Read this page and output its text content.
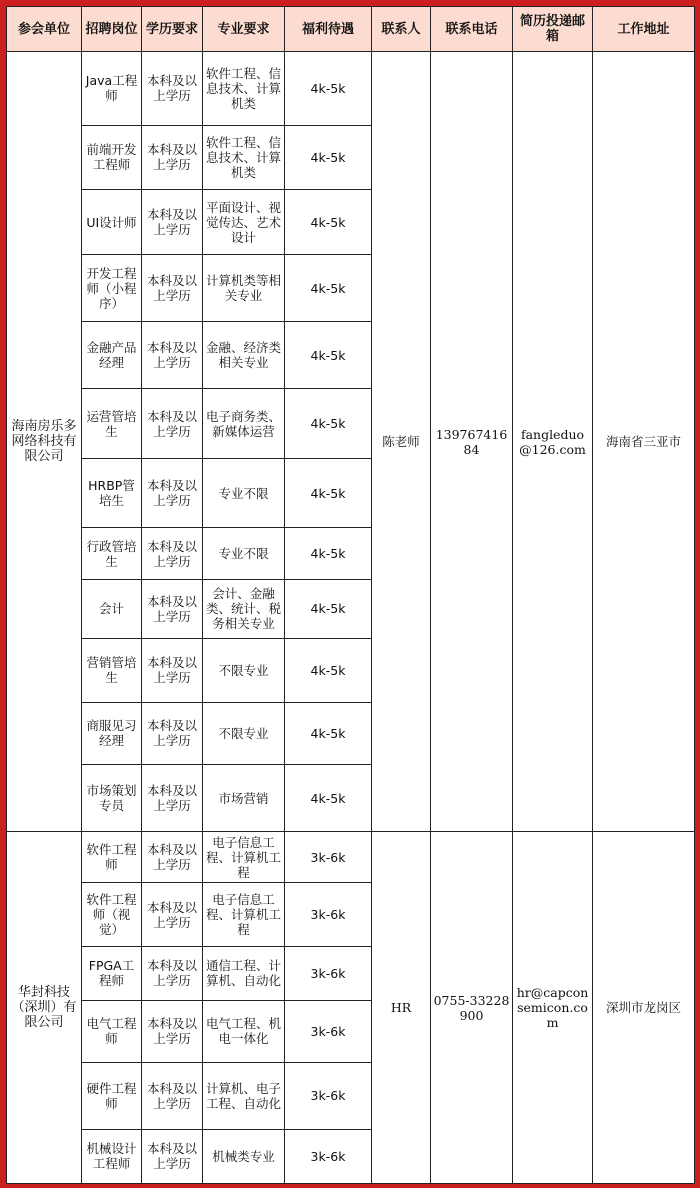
参会单位	招聘岗位	学历要求	专业要求	福利待遇	联系人	联系电话	简历投递邮箱	工作地址
海南房乐多网络科技有限公司	Java工程师	本科及以上学历	软件工程、信息技术、计算机类	4k-5k	陈老师	13976741684	fangleduo@126.com	海南省三亚市
	前端开发工程师	本科及以上学历	软件工程、信息技术、计算机类	4k-5k				
	UI设计师	本科及以上学历	平面设计、视觉传达、艺术设计	4k-5k				
	开发工程师（小程序）	本科及以上学历	计算机类等相关专业	4k-5k				
	金融产品经理	本科及以上学历	金融、经济类相关专业	4k-5k				
	运营管培生	本科及以上学历	电子商务类、新媒体运营	4k-5k				
	HRBP管培生	本科及以上学历	专业不限	4k-5k				
	行政管培生	本科及以上学历	专业不限	4k-5k				
	会计	本科及以上学历	会计、金融类、统计、税务相关专业	4k-5k				
	营销管培生	本科及以上学历	不限专业	4k-5k				
	商服见习经理	本科及以上学历	不限专业	4k-5k				
	市场策划专员	本科及以上学历	市场营销	4k-5k				
华封科技（深圳）有限公司	软件工程师	本科及以上学历	电子信息工程、计算机工程	3k-6k	HR	0755-33228900	hr@capconsemicon.com	深圳市龙岗区
	软件工程师（视觉）	本科及以上学历	电子信息工程、计算机工程	3k-6k				
	FPGA工程师	本科及以上学历	通信工程、计算机、自动化	3k-6k				
	电气工程师	本科及以上学历	电气工程、机电一体化	3k-6k				
	硬件工程师	本科及以上学历	计算机、电子工程、自动化	3k-6k				
	机械设计工程师	本科及以上学历	机械类专业	3k-6k				
